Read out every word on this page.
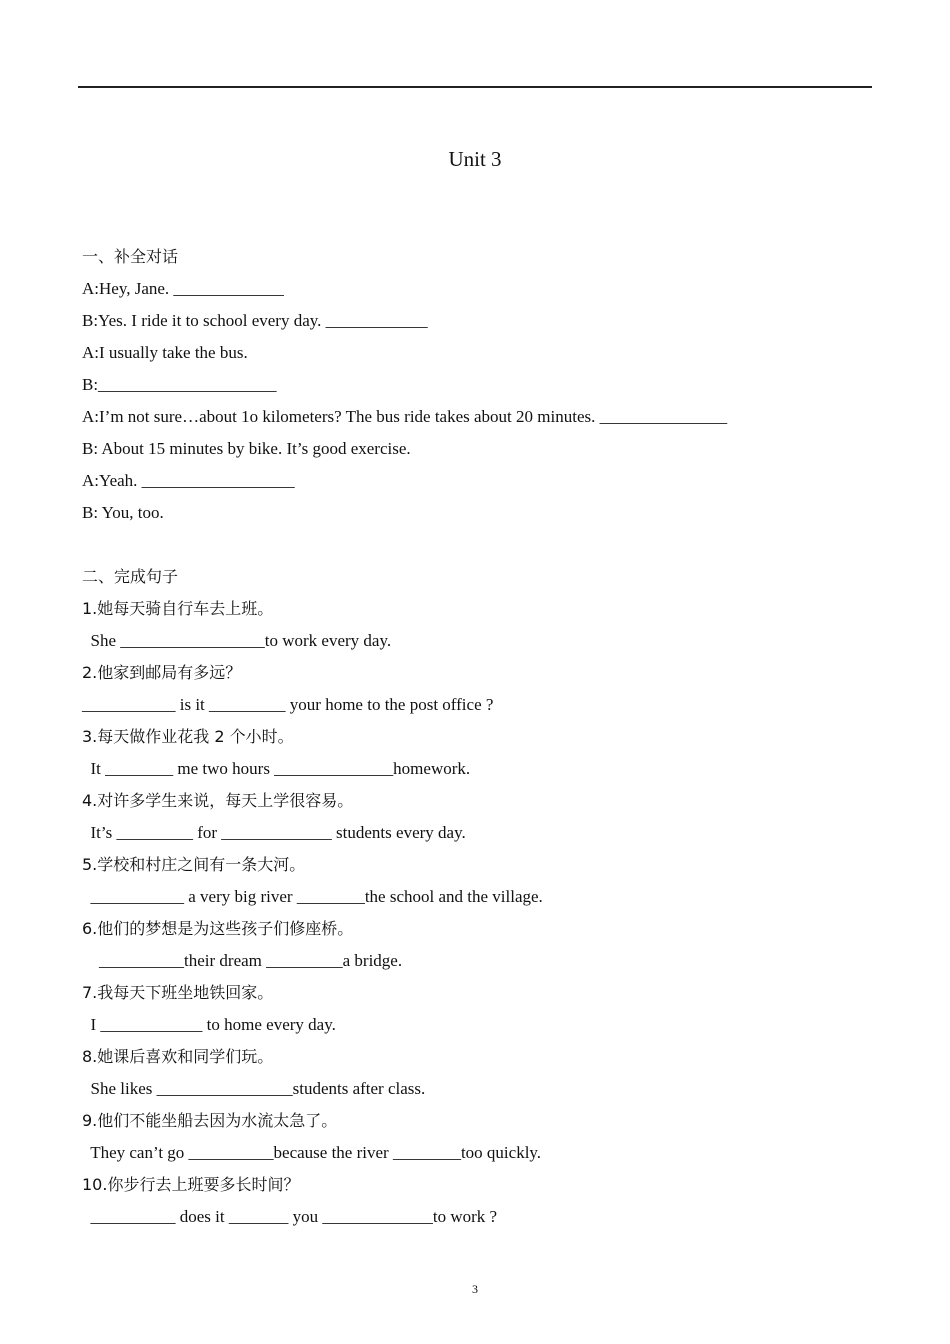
Unit 3
一、补全对话
A:Hey, Jane. _____________
B:Yes. I ride it to school every day. ____________
A:I usually take the bus.
B:_____________________
A:I’m not sure…about 1o kilometers? The bus ride takes about 20 minutes. _______________
B: About 15 minutes by bike. It’s good exercise.
A:Yeah. __________________
B: You, too.
二、完成句子
1.她每天骑自行车去上班。
She _________________to work every day.
2.他家到邮局有多远？
___________ is it _________ your home to the post office ?
3.每天做作业花我 2 个小时。
It ________ me two hours ______________homework.
4.对许多学生来说，每天上学很容易。
It’s _________ for _____________ students every day.
5.学校和村庄之间有一条大河。
___________ a very big river ________the school and the village.
6.他们的梦想是为这些孩子们修座桥。
__________their dream _________a bridge.
7.我每天下班坐地铁回家。
I ____________ to home every day.
8.她课后喜欢和同学们玩。
She likes ________________students after class.
9.他们不能坐船去因为水流太急了。
They can’t go __________because the river ________too quickly.
10.你步行去上班要多长时间？
__________ does it _______ you _____________to work ?
3
